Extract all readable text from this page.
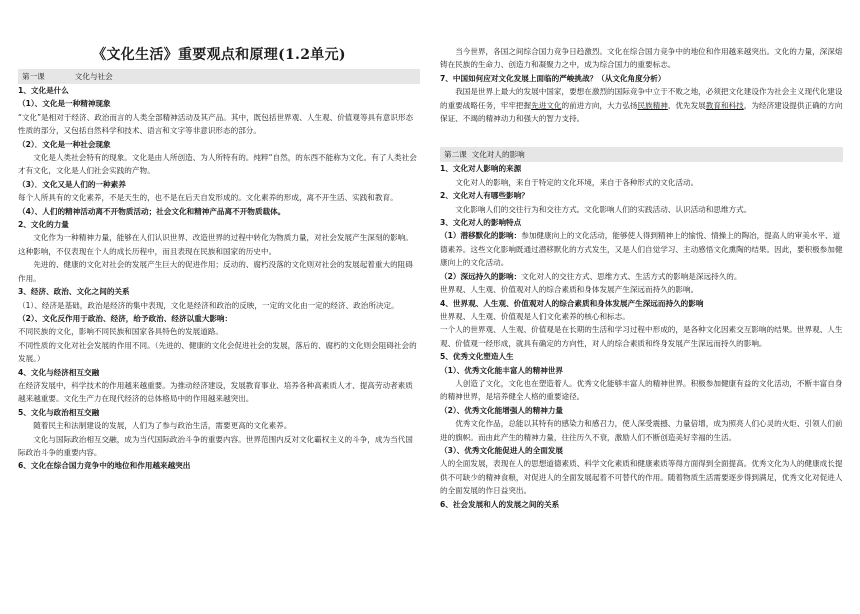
《文化生活》重要观点和原理(1.2单元)
第一课	文化与社会

1、文化是什么

（1）、文化是一种精神现象

“文化”是相对于经济、政治而言的人类全部精神活动及其产品。其中，既包括世界观、人生观、价值观等具有意识形态性质的部分，又包括自然科学和技术、语言和文字等非意识形态的部分。

（2）．文化是一种社会现象

文化是人类社会特有的现象。文化是由人所创造、为人所特有的。纯粹“自然，的东西不能称为文化。有了人类社会才有文化，文化是人们社会实践的产物。

（3）．文化又是人们的一种素养

每个人所具有的文化素养，不是天生的，也不是在后天自发形成的。文化素养的形成，离不开生活、实践和教育。

（4）、人们的精神活动离不开物质活动；社会文化和精神产品离不开物质载体。

2、文化的力量

文化作为一种精神力量，能够在人们认识世界、改造世界的过程中转化为物质力量，对社会发展产生深刻的影响。这种影响，不仅表现在个人的成长历程中，而且表现在民族和国家的历史中。

先进的、健康的文化对社会的发展产生巨大的促进作用；反动的、腐朽没落的文化则对社会的发展起着重大的阻碍作用。

3、经济、政治、文化之间的关系

（1）、经济是基础，政治是经济的集中表现，文化是经济和政治的反映，一定的文化由一定的经济、政治所决定。

（2）、文化反作用于政治、经济，给予政治、经济以重大影响：

不同民族的文化，影响不同民族和国家各具特色的发展道路。

不同性质的文化对社会发展的作用不同。（先进的、健康的文化会促进社会的发展，落后的、腐朽的文化则会阻碍社会的发展。）

4、文化与经济相互交融

在经济发展中，科学技术的作用越来越重要。为推动经济建设，发展教育事业、培养各种高素质人才、提高劳动者素质越来越重要。文化生产力在现代经济的总体格局中的作用越来越突出。

5、文化与政治相互交融

随着民主和法制建设的发展，人们为了参与政治生活，需要更高的文化素养。

文化与国际政治相互交融，成为当代国际政治斗争的重要内容。世界范围内反对文化霸权主义的斗争，成为当代国际政治斗争的重要内容。

6、文化在综合国力竞争中的地位和作用越来越突出

当今世界，各国之间综合国力竞争日趋激烈。文化在综合国力竞争中的地位和作用越来越突出。文化的力量，深深熔铸在民族的生命力、创造力和凝聚力之中，成为综合国力的重要标志。

7、中国如何应对文化发展上面临的严峻挑战？（从文化角度分析）

我国是世界上最大的发展中国家，要想在激烈的国际竞争中立于不败之地，必须把文化建设作为社会主义现代化建设的重要战略任务，牢牢把握先进文化的前进方向，大力弘扬民族精神，优先发展教育和科技，为经济建设提供正确的方向保证、不竭的精神动力和强大的智力支持。

第二课 文化对人的影响

1、文化对人影响的来源

文化对人的影响，来自于特定的文化环境，来自于各种形式的文化活动。

2、文化对人有哪些影响？

文化影响人们的交往行为和交往方式。文化影响人们的实践活动、认识活动和思维方式。

3、文化对人的影响特点

（1）潜移默化的影响：参加健康向上的文化活动，能够使人得到精神上的愉悦、情操上的陶冶，提高人的审美水平、道德素养。这些文化影响既通过潜移默化的方式发生，又是人们自觉学习、主动感悟文化熏陶的结果。因此，要积极参加健康向上的文化活动。

（2）深远持久的影响：文化对人的交往方式、思维方式、生活方式的影响是深远持久的。

世界观、人生观、价值观对人的综合素质和身体发展产生深远而持久的影响。

4、世界观、人生观、价值观对人的综合素质和身体发展产生深远而持久的影响

世界观、人生观、价值观是人们文化素养的核心和标志。

一个人的世界观、人生观、价值观是在长期的生活和学习过程中形成的，是各种文化因素交互影响的结果。世界观、人生观、价值观一经形成，就具有确定的方向性，对人的综合素质和终身发展产生深远而持久的影响。

5、优秀文化塑造人生

（1）、优秀文化能丰富人的精神世界

人创造了文化，文化也在塑造着人。优秀文化能够丰富人的精神世界。积极参加健康有益的文化活动，不断丰富自身的精神世界，是培养健全人格的重要途径。

（2）、优秀文化能增强人的精神力量

优秀文化作品，总能以其特有的感染力和感召力，使人深受震撼、力量倍增，成为照亮人们心灵的火炬、引领人们前进的旗帜。而由此产生的精神力量，往往历久不衰，激励人们不断创造美好幸福的生活。

（3）、优秀文化能促进人的全面发展

人的全面发展，表现在人的思想道德素质、科学文化素质和健康素质等得方面得到全面提高。优秀文化为人的健康成长提供不可缺少的精神食粮，对促进人的全面发展起着不可替代的作用。随着物质生活需要逐步得到满足，优秀文化对促进人的全面发展的作日益突出。

6、社会发展和人的发展之间的关系
